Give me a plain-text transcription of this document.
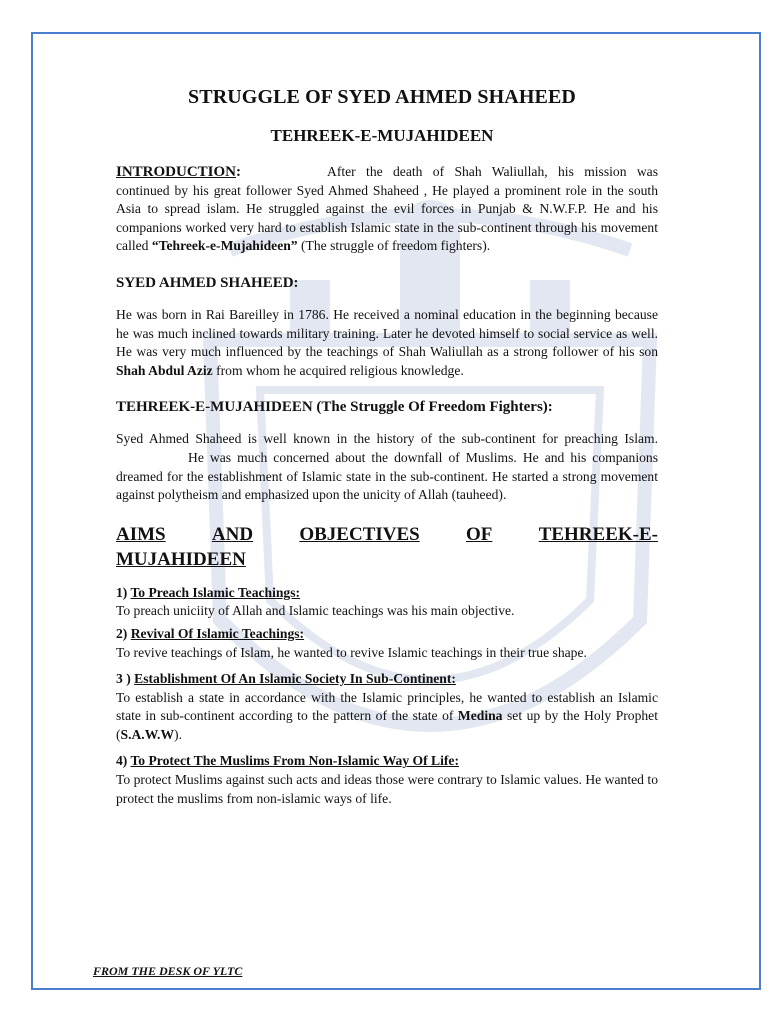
STRUGGLE OF SYED AHMED SHAHEED
TEHREEK-E-MUJAHIDEEN

INTRODUCTION:	After the death of Shah Waliullah, his mission was continued by his great follower Syed Ahmed Shaheed , He played a prominent role in the south Asia to spread islam. He struggled against the evil forces in Punjab & N.W.F.P. He and his companions worked very hard to establish Islamic state in the sub-continent through his movement called “Tehreek-e-Mujahideen” (The struggle of freedom fighters).

SYED AHMED SHAHEED:

He was born in Rai Bareilley in 1786. He received a nominal education in the beginning because he was much inclined towards military training. Later he devoted himself to social service as well. He was very much influenced by the teachings of Shah Waliullah as a strong follower of his son Shah Abdul Aziz from whom he acquired religious knowledge.

TEHREEK-E-MUJAHIDEEN (The Struggle Of Freedom Fighters):

Syed Ahmed Shaheed is well known in the history of the sub-continent for preaching Islam.He was much concerned about the downfall of Muslims. He and his companions dreamed for the establishment of Islamic state in the sub-continent. He started a strong movement against polytheism and emphasized upon the unicity of Allah (tauheed).

AIMS AND OBJECTIVES OF TEHREEK-E-
MUJAHIDEEN

1) To Preach Islamic Teachings:

To preach uniciity of Allah and Islamic teachings was his main objective.

2) Revival Of Islamic Teachings:

To revive teachings of Islam, he wanted to revive Islamic teachings in their true shape.

3 ) Establishment Of An Islamic Society In Sub-Continent:

To establish a state in accordance with the Islamic principles, he wanted to establish an Islamic state in sub-continent according to the pattern of the state of Medina set up by the Holy Prophet (S.A.W.W).

4) To Protect The Muslims From Non-Islamic Way Of Life:

To protect Muslims against such acts and ideas those were contrary to Islamic values. He wanted to protect the muslims from non-islamic ways of life.

FROM THE DESK OF YLTC
